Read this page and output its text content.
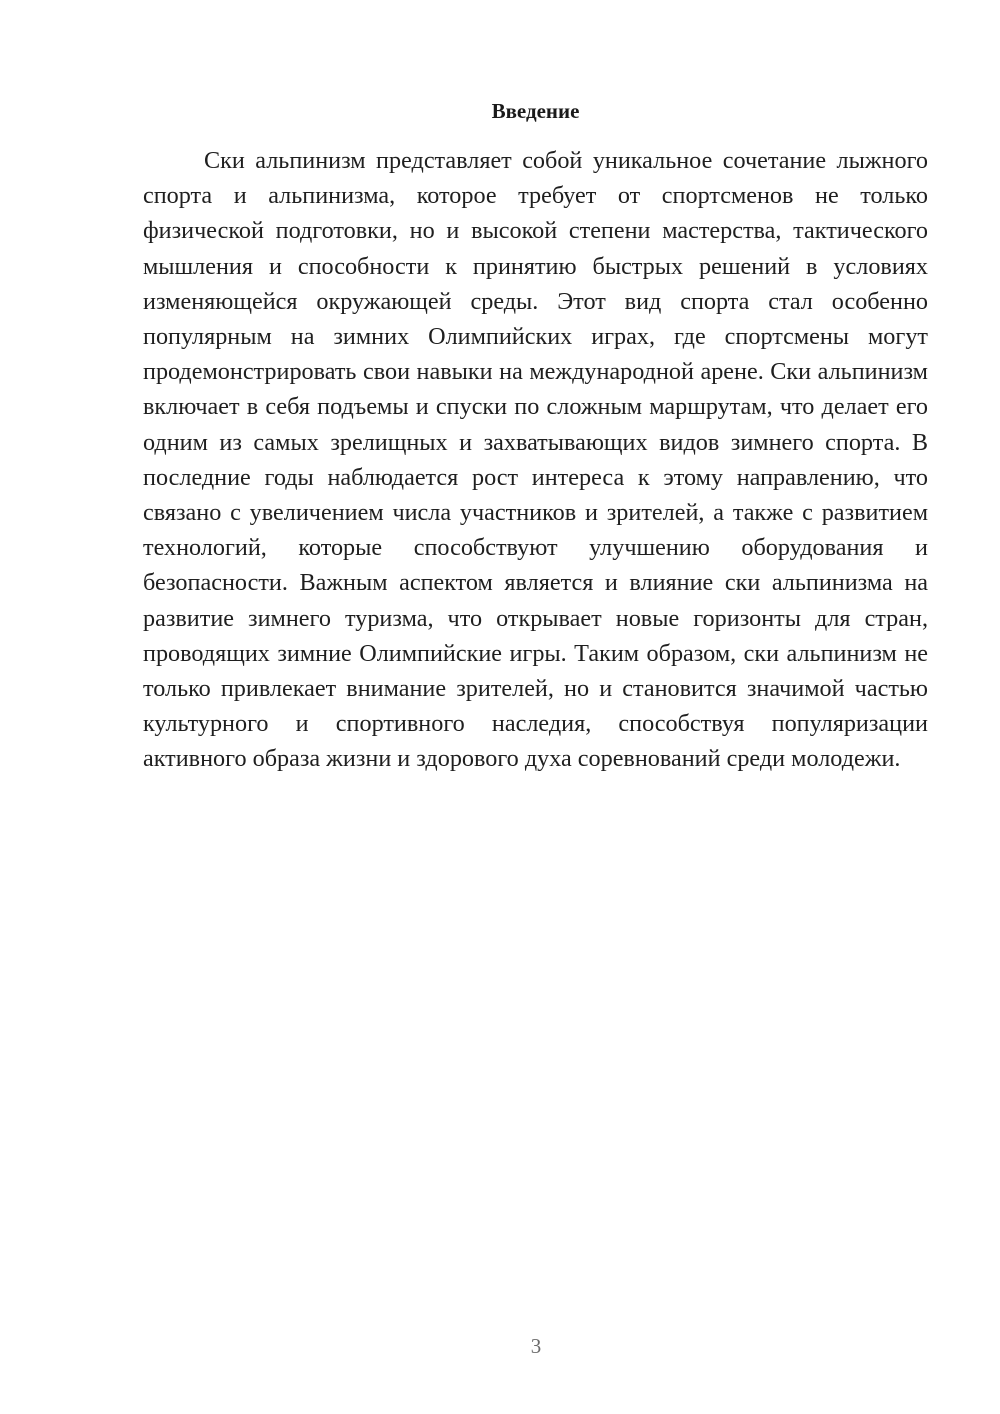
Введение

Ски альпинизм представляет собой уникальное сочетание лыжного спорта и альпинизма, которое требует от спортсменов не только физической подготовки, но и высокой степени мастерства, тактического мышления и способности к принятию быстрых решений в условиях изменяющейся окружающей среды. Этот вид спорта стал особенно популярным на зимних Олимпийских играх, где спортсмены могут продемонстрировать свои навыки на международной арене. Ски альпинизм включает в себя подъемы и спуски по сложным маршрутам, что делает его одним из самых зрелищных и захватывающих видов зимнего спорта. В последние годы наблюдается рост интереса к этому направлению, что связано с увеличением числа участников и зрителей, а также с развитием технологий, которые способствуют улучшению оборудования и безопасности. Важным аспектом является и влияние ски альпинизма на развитие зимнего туризма, что открывает новые горизонты для стран, проводящих зимние Олимпийские игры. Таким образом, ски альпинизм не только привлекает внимание зрителей, но и становится значимой частью культурного и спортивного наследия, способствуя популяризации активного образа жизни и здорового духа соревнований среди молодежи.

3
